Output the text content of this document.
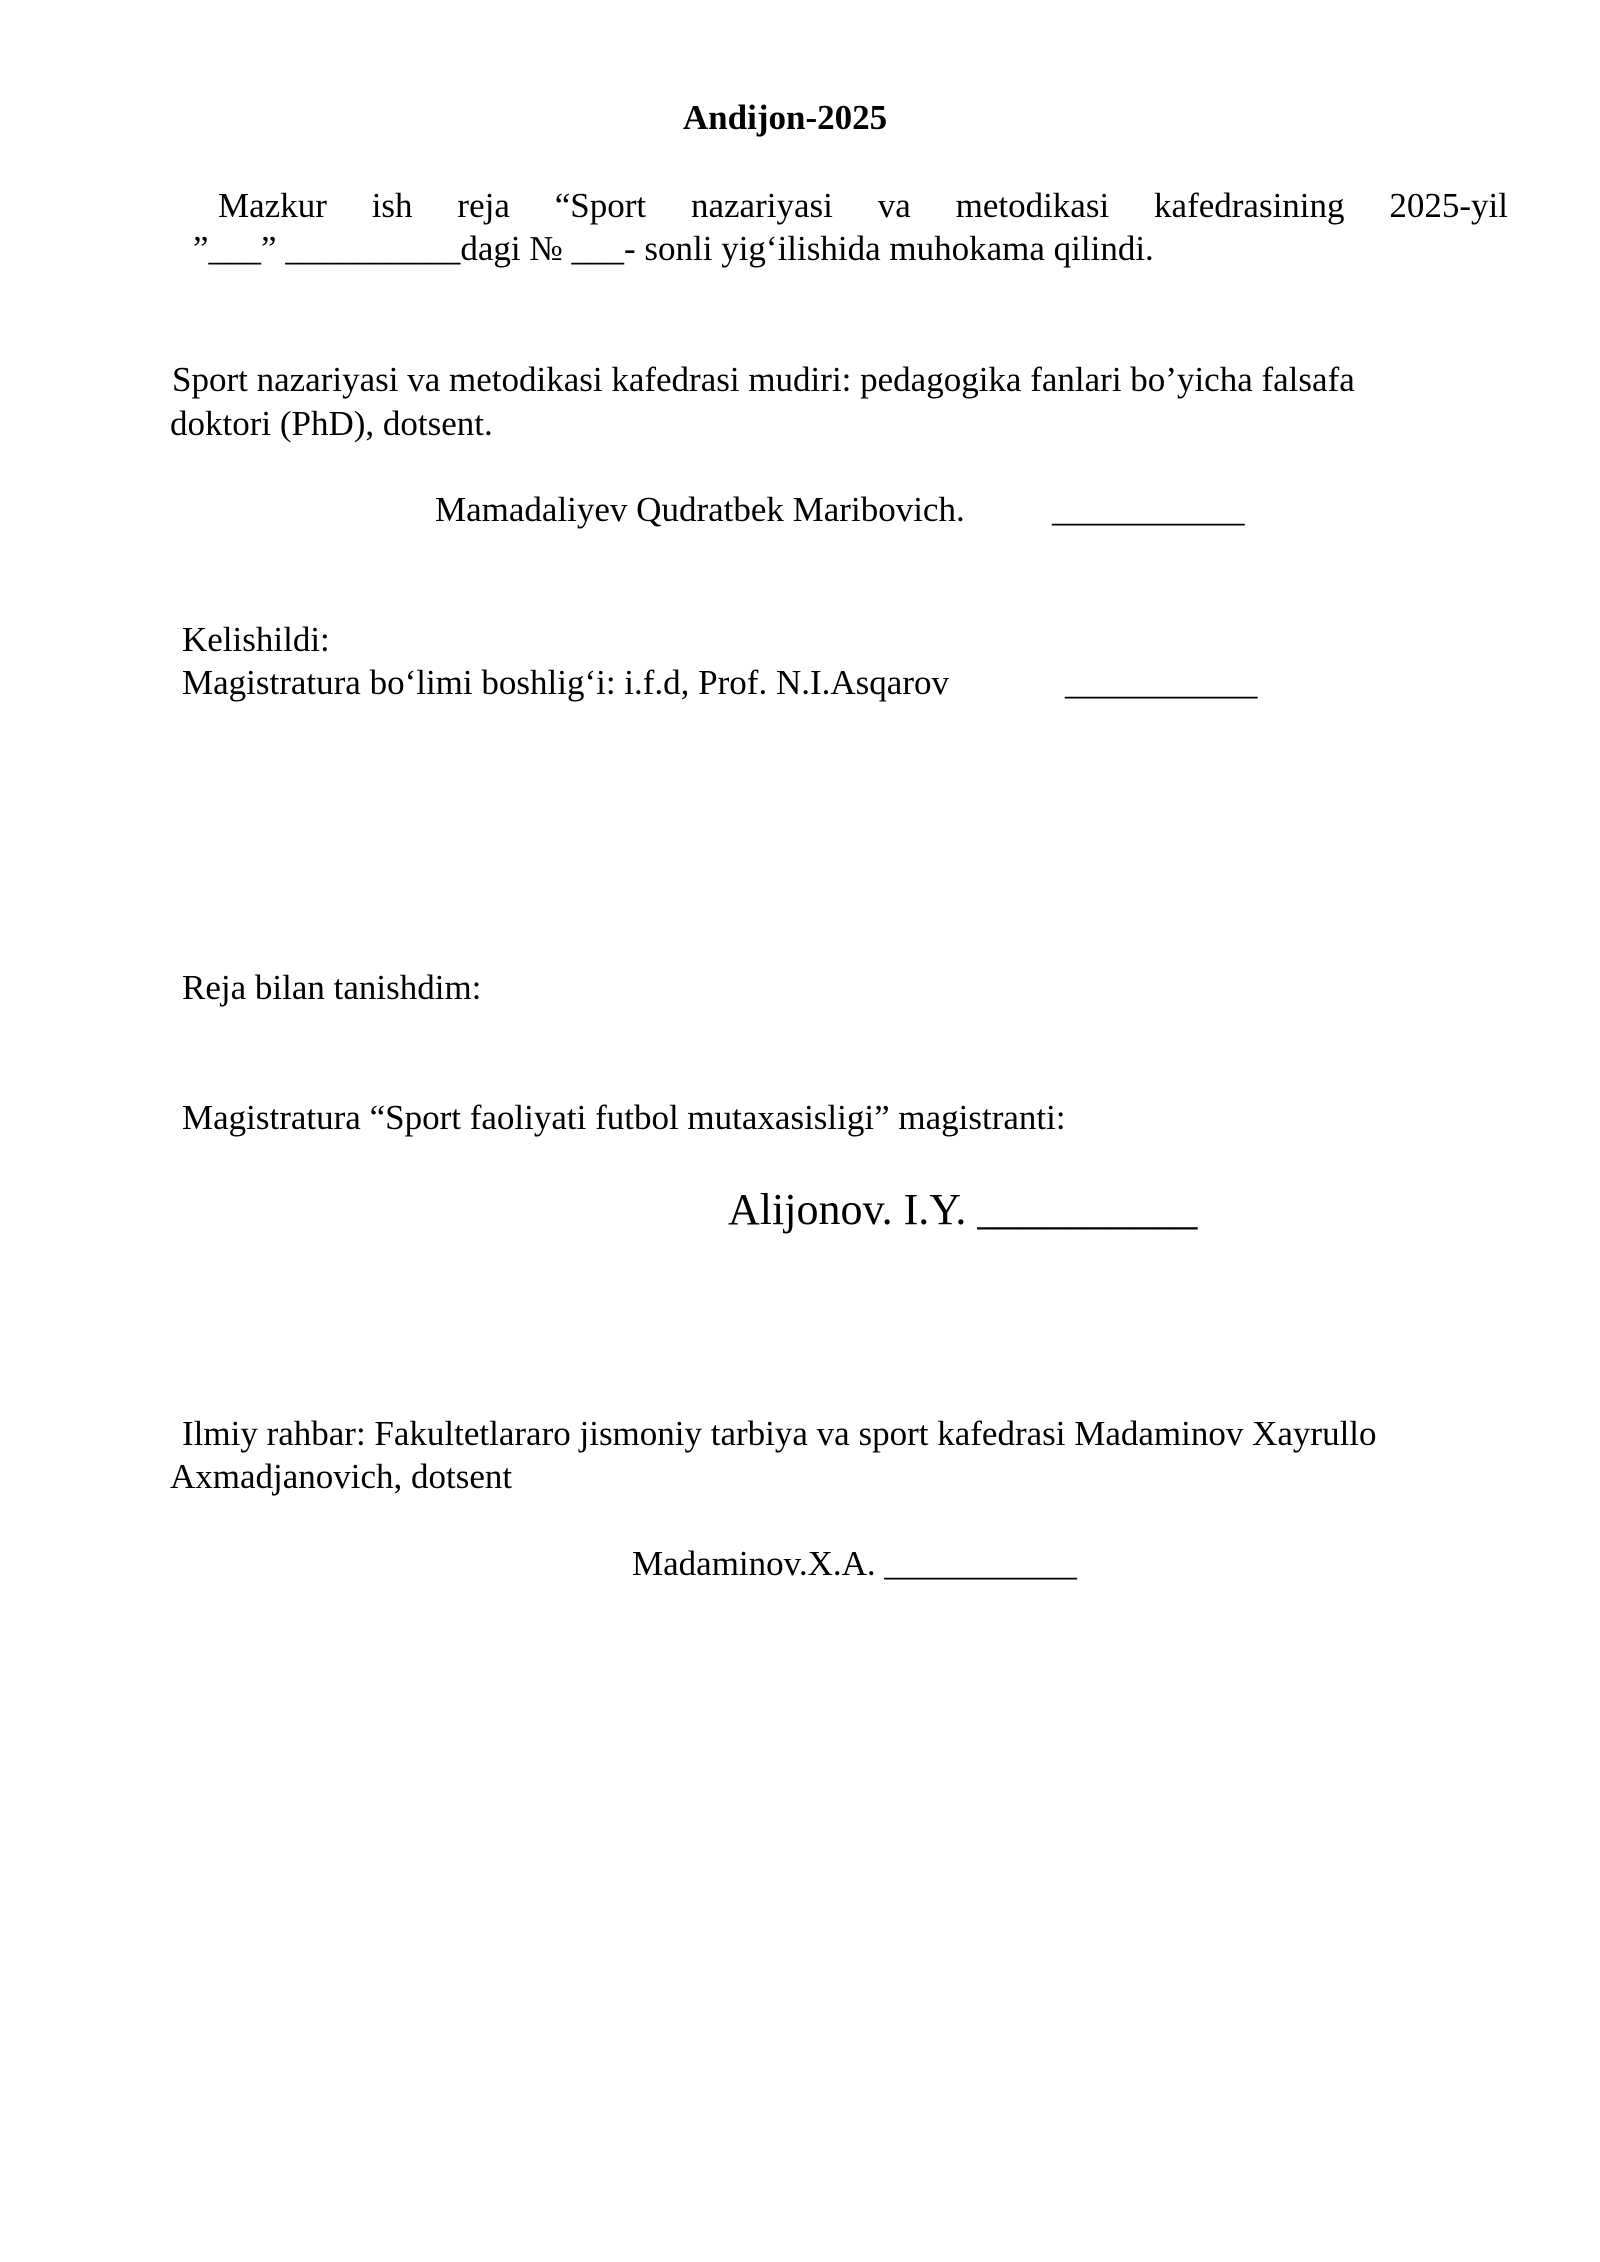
Andijon-2025
Mazkur ish reja “Sport nazariyasi va metodikasi kafedrasining 2025-yil
”___” __________dagi № ___- sonli yig‘ilishida muhokama qilindi.
Sport nazariyasi va metodikasi kafedrasi mudiri: pedagogika fanlari bo’yicha falsafa
doktori (PhD), dotsent.
Mamadaliyev Qudratbek Maribovich. ___________
Kelishildi:
Magistratura bo‘limi boshlig‘i: i.f.d, Prof. N.I.Asqarov	___________
Reja bilan tanishdim:
Magistratura “Sport faoliyati futbol mutaxasisligi” magistranti:
Alijonov. I.Y. __________
Ilmiy rahbar: Fakultetlararo jismoniy tarbiya va sport kafedrasi Madaminov Xayrullo
Axmadjanovich, dotsent
Madaminov.X.A. ___________
